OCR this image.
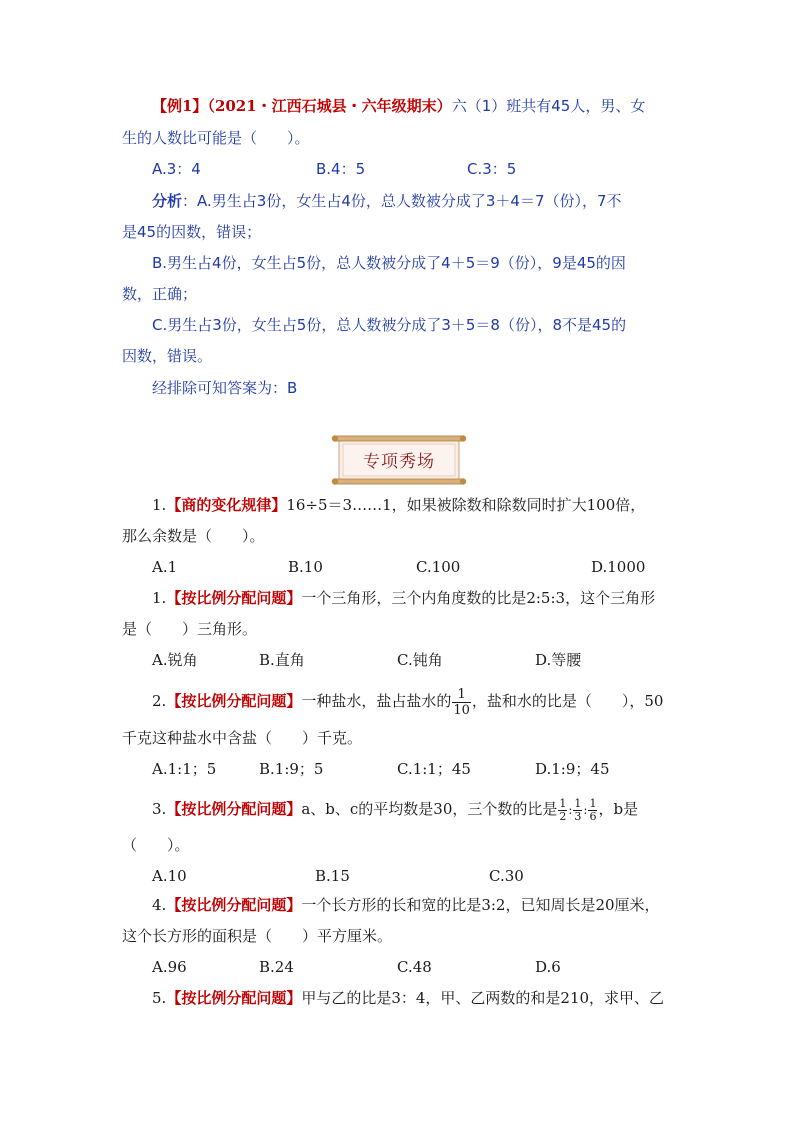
【例1】（2021・江西石城县・六年级期末）六（1）班共有45人，男、女
生的人数比可能是（　　）。
A.3：4	B.4：5	C.3：5
分析：A.男生占3份，女生占4份，总人数被分成了3＋4＝7（份），7不
是45的因数，错误；
B.男生占4份，女生占5份，总人数被分成了4＋5＝9（份），9是45的因
数，正确；
C.男生占3份，女生占5份，总人数被分成了3＋5＝8（份），8不是45的
因数，错误。
经排除可知答案为：B
专项秀场
1.【商的变化规律】16÷5＝3……1，如果被除数和除数同时扩大100倍，
那么余数是（　　）。
A.1	B.10	C.100	D.1000
1.【按比例分配问题】一个三角形，三个内角度数的比是2:5:3，这个三角形
是（　　）三角形。
A.锐角	B.直角	C.钝角	D.等腰
2.【按比例分配问题】一种盐水，盐占盐水的 $\frac{1}{10}$ ，盐和水的比是（　　），50
千克这种盐水中含盐（　　）千克。
A.1:1；5	B.1:9；5	C.1:1；45	D.1:9；45
3.【按比例分配问题】a、b、c的平均数是30，三个数的比是 $\frac{1}{2}$ : $\frac{1}{3}$ : $\frac{1}{6}$ ，b是
（　　）。
A.10	B.15	C.30
4.【按比例分配问题】一个长方形的长和宽的比是3:2，已知周长是20厘米，
这个长方形的面积是（　　）平方厘米。
A.96	B.24	C.48	D.6
5.【按比例分配问题】甲与乙的比是3：4，甲、乙两数的和是210，求甲、乙
